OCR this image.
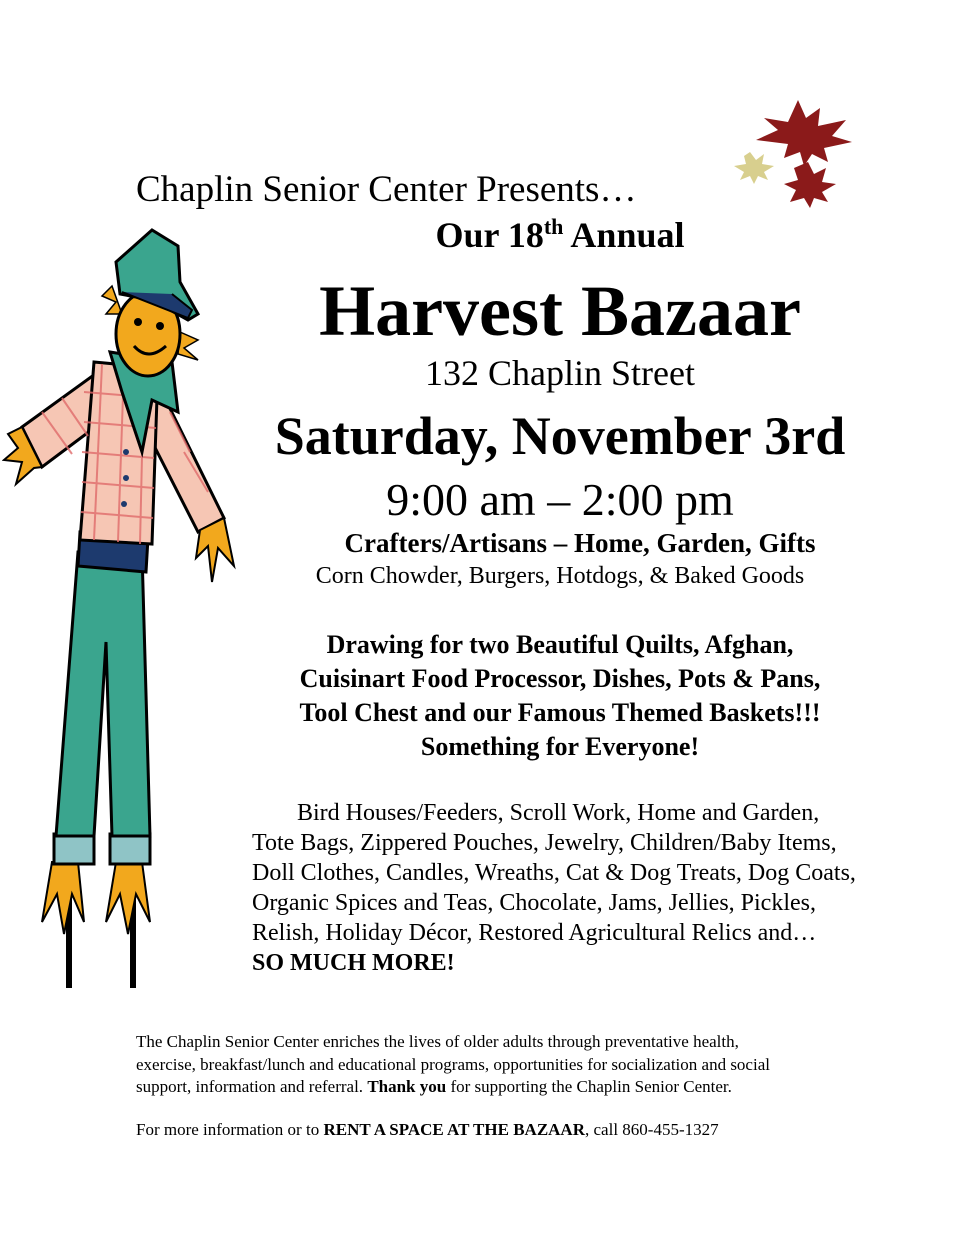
Chaplin Senior Center Presents…
Our 18th Annual
Harvest Bazaar
132 Chaplin Street
Saturday, November 3rd
9:00 am – 2:00 pm
Crafters/Artisans – Home, Garden, Gifts
Corn Chowder, Burgers, Hotdogs, & Baked Goods
Drawing for two Beautiful Quilts, Afghan,
Cuisinart Food Processor, Dishes, Pots & Pans,
Tool Chest and our Famous Themed Baskets!!!
Something for Everyone!
Bird Houses/Feeders, Scroll Work, Home and Garden,
Tote Bags, Zippered Pouches, Jewelry, Children/Baby Items,
Doll Clothes, Candles, Wreaths, Cat & Dog Treats, Dog Coats,
Organic Spices and Teas, Chocolate, Jams, Jellies, Pickles,
Relish, Holiday Décor, Restored Agricultural Relics and…
SO MUCH MORE!
The Chaplin Senior Center enriches the lives of older adults through preventative health,
exercise, breakfast/lunch and educational programs, opportunities for socialization and social
support, information and referral. Thank you for supporting the Chaplin Senior Center.
For more information or to RENT A SPACE AT THE BAZAAR, call 860-455-1327
